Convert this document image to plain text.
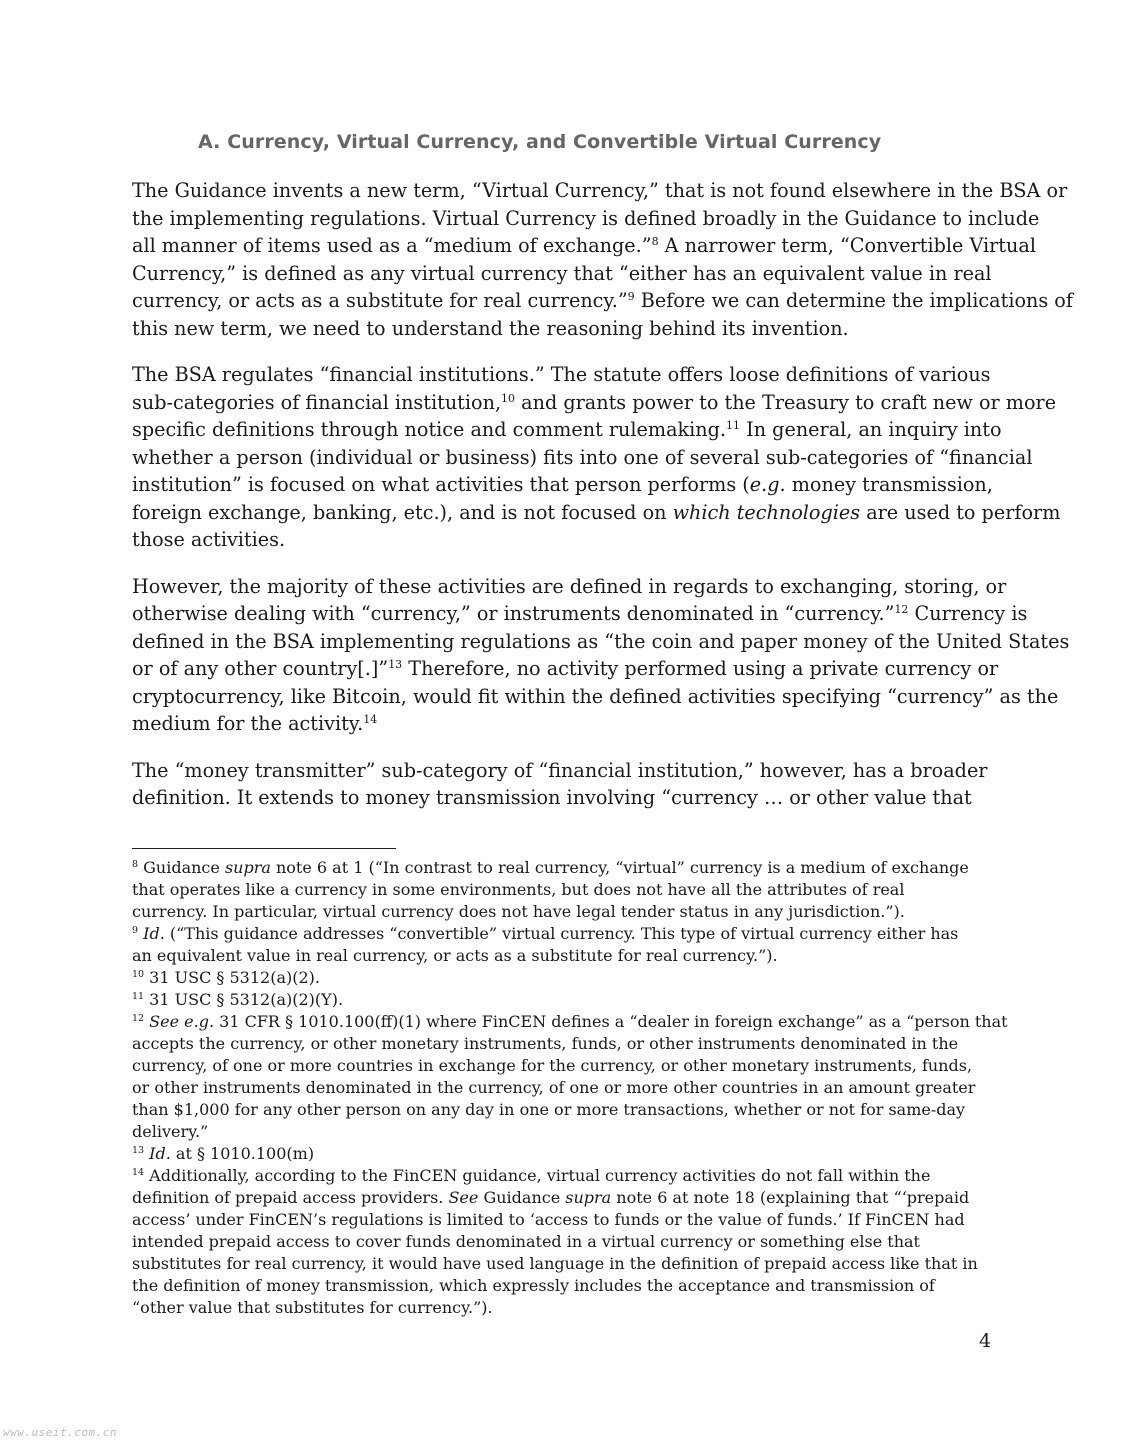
A. Currency, Virtual Currency, and Convertible Virtual Currency

The Guidance invents a new term, “Virtual Currency,” that is not found elsewhere in the BSA or
the implementing regulations. Virtual Currency is defined broadly in the Guidance to include
all manner of items used as a “medium of exchange.”$^8$ A narrower term, “Convertible Virtual
Currency,” is defined as any virtual currency that “either has an equivalent value in real
currency, or acts as a substitute for real currency.”$^9$ Before we can determine the implications of
this new term, we need to understand the reasoning behind its invention.

The BSA regulates “financial institutions.” The statute offers loose definitions of various
sub-categories of financial institution,$^{10}$ and grants power to the Treasury to craft new or more
specific definitions through notice and comment rulemaking.$^{11}$ In general, an inquiry into
whether a person (individual or business) fits into one of several sub-categories of “financial
institution” is focused on what activities that person performs (e.g. money transmission,
foreign exchange, banking, etc.), and is not focused on which technologies are used to perform
those activities.

However, the majority of these activities are defined in regards to exchanging, storing, or
otherwise dealing with “currency,” or instruments denominated in “currency.”$^{12}$ Currency is
defined in the BSA implementing regulations as “the coin and paper money of the United States
or of any other country[.]”$^{13}$ Therefore, no activity performed using a private currency or
cryptocurrency, like Bitcoin, would fit within the defined activities specifying “currency” as the
medium for the activity.$^{14}$

The “money transmitter” sub-category of “financial institution,” however, has a broader
definition. It extends to money transmission involving “currency … or other value that

$^8$ Guidance supra note 6 at 1 (“In contrast to real currency, “virtual” currency is a medium of exchange
that operates like a currency in some environments, but does not have all the attributes of real
currency. In particular, virtual currency does not have legal tender status in any jurisdiction.”).
$^9$ Id. (“This guidance addresses “convertible” virtual currency. This type of virtual currency either has
an equivalent value in real currency, or acts as a substitute for real currency.”).
$^{10}$ 31 USC § 5312(a)(2).
$^{11}$ 31 USC § 5312(a)(2)(Y).
$^{12}$ See e.g. 31 CFR § 1010.100(ff)(1) where FinCEN defines a “dealer in foreign exchange” as a “person that
accepts the currency, or other monetary instruments, funds, or other instruments denominated in the
currency, of one or more countries in exchange for the currency, or other monetary instruments, funds,
or other instruments denominated in the currency, of one or more other countries in an amount greater
than $1,000 for any other person on any day in one or more transactions, whether or not for same-day
delivery.”
$^{13}$ Id. at § 1010.100(m)
$^{14}$ Additionally, according to the FinCEN guidance, virtual currency activities do not fall within the
definition of prepaid access providers. See Guidance supra note 6 at note 18 (explaining that “‘prepaid
access’ under FinCEN’s regulations is limited to ‘access to funds or the value of funds.’ If FinCEN had
intended prepaid access to cover funds denominated in a virtual currency or something else that
substitutes for real currency, it would have used language in the definition of prepaid access like that in
the definition of money transmission, which expressly includes the acceptance and transmission of
“other value that substitutes for currency.”).
4
www.useit.com.cn
